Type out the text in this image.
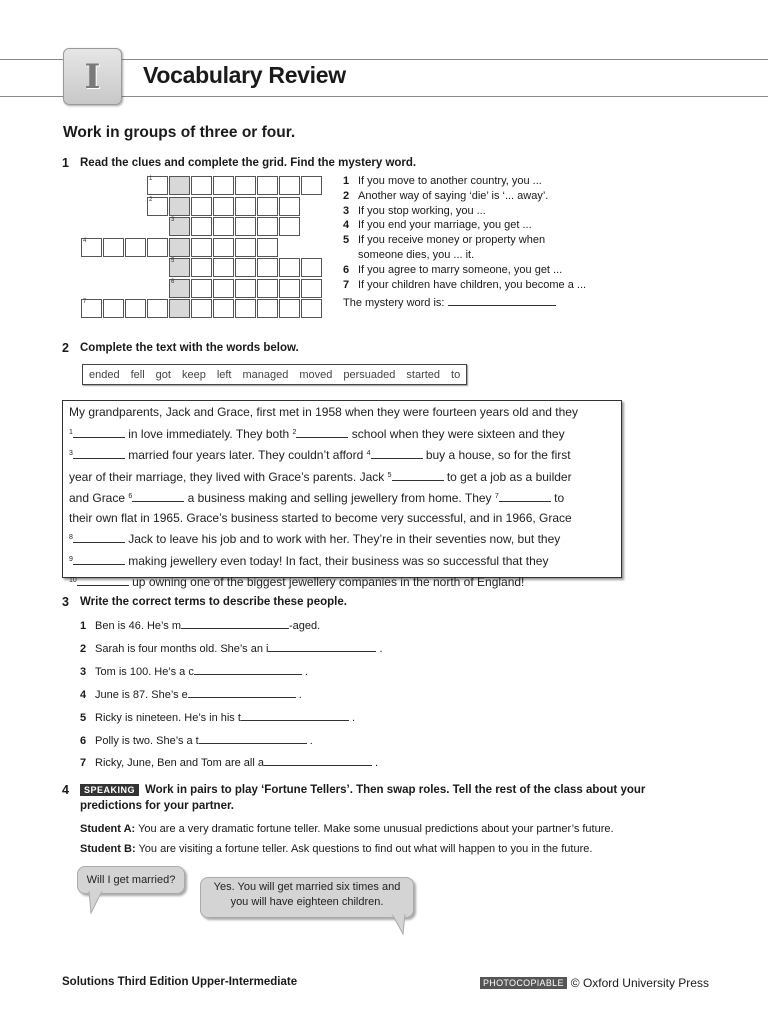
I Vocabulary Review
Work in groups of three or four.
1 Read the clues and complete the grid. Find the mystery word.
1
2
3
4
5
6
7
1 If you move to another country, you ...
2 Another way of saying ‘die’ is ‘... away’.
3 If you stop working, you ...
4 If you end your marriage, you get ...
5 If you receive money or property when someone dies, you ... it.
6 If you agree to marry someone, you get ...
7 If your children have children, you become a ...
The mystery word is:
2 Complete the text with the words below.
ended fell got keep left managed moved persuaded started to
My grandparents, Jack and Grace, first met in 1958 when they were fourteen years old and they
$^1$	in love immediately. They both $^2$	school when they were sixteen and they
$^3$	married four years later. They couldn’t afford $^4$	buy a house, so for the first
year of their marriage, they lived with Grace’s parents. Jack $^5$	to get a job as a builder
and Grace $^6$	a business making and selling jewellery from home. They $^7$	to
their own flat in 1965. Grace’s business started to become very successful, and in 1966, Grace
$^8$	Jack to leave his job and to work with her. They’re in their seventies now, but they
$^9$	making jewellery even today! In fact, their business was so successful that they
$^{10}$	up owning one of the biggest jewellery companies in the north of England!
3 Write the correct terms to describe these people.
1 Ben is 46. He’s m	-aged.
2 Sarah is four months old. She’s an i	.
3 Tom is 100. He’s a c	.
4 June is 87. She’s e	.
5 Ricky is nineteen. He’s in his t	.
6 Polly is two. She’s a t	.
7 Ricky, June, Ben and Tom are all a	.
4	SPEAKING Work in pairs to play ‘Fortune Tellers’. Then swap roles. Tell the rest of the class about your
predictions for your partner.
Student A: You are a very dramatic fortune teller. Make some unusual predictions about your partner’s future.
Student B: You are visiting a fortune teller. Ask questions to find out what will happen to you in the future.
Will I get married?
Yes. You will get married six times and
you will have eighteen children.
Solutions Third Edition Upper-Intermediate	PHOTOCOPIABLE © Oxford University Press
